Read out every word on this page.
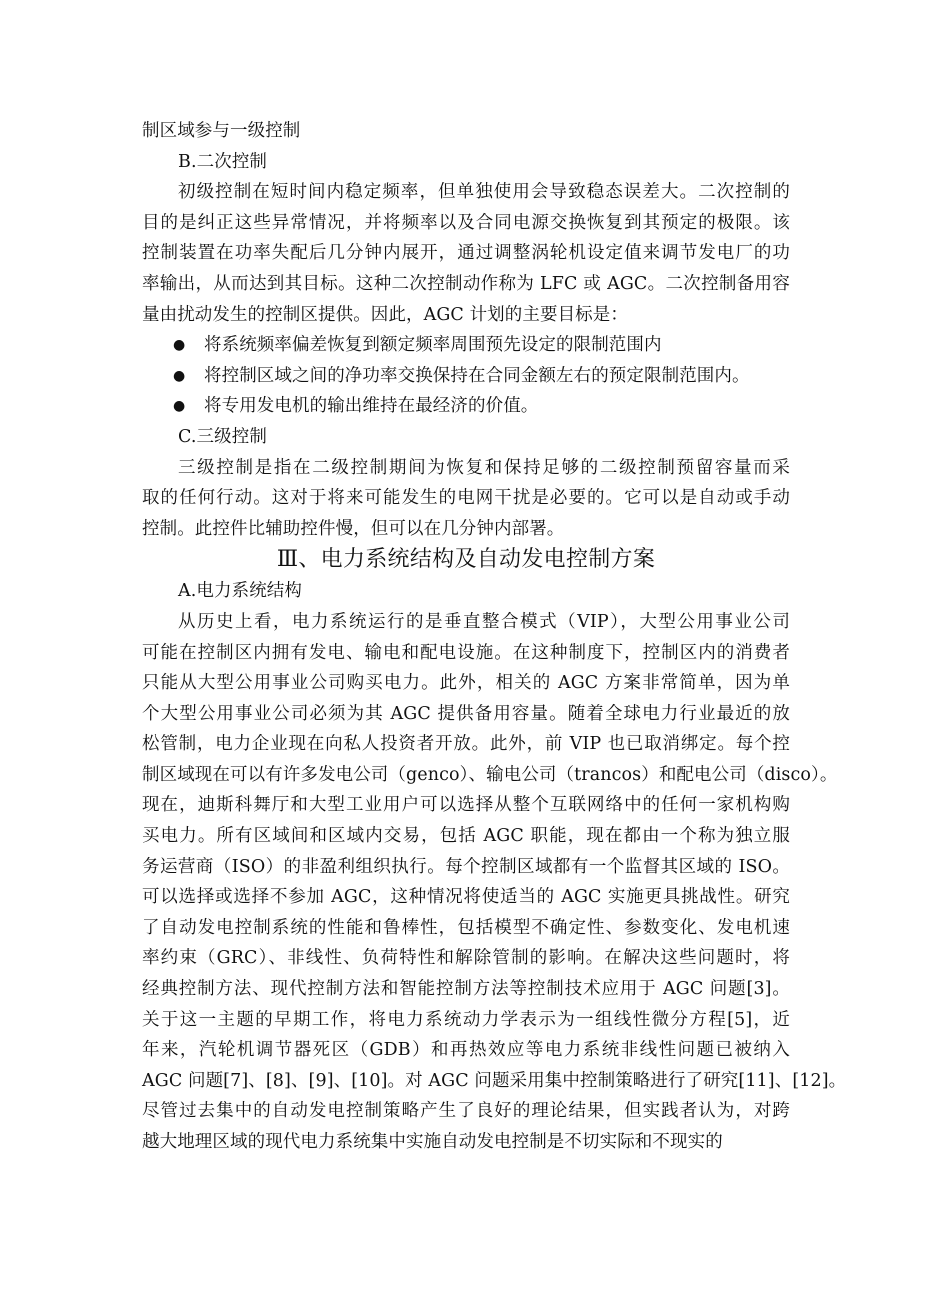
制区域参与一级控制
B.二次控制
初级控制在短时间内稳定频率，但单独使用会导致稳态误差大。二次控制的
目的是纠正这些异常情况，并将频率以及合同电源交换恢复到其预定的极限。该
控制装置在功率失配后几分钟内展开，通过调整涡轮机设定值来调节发电厂的功
率输出，从而达到其目标。这种二次控制动作称为 LFC 或 AGC。二次控制备用容
量由扰动发生的控制区提供。因此，AGC 计划的主要目标是：
● 将系统频率偏差恢复到额定频率周围预先设定的限制范围内
● 将控制区域之间的净功率交换保持在合同金额左右的预定限制范围内。
● 将专用发电机的输出维持在最经济的价值。
C.三级控制
三级控制是指在二级控制期间为恢复和保持足够的二级控制预留容量而采
取的任何行动。这对于将来可能发生的电网干扰是必要的。它可以是自动或手动
控制。此控件比辅助控件慢，但可以在几分钟内部署。
Ⅲ、电力系统结构及自动发电控制方案
A.电力系统结构
从历史上看，电力系统运行的是垂直整合模式（VIP），大型公用事业公司
可能在控制区内拥有发电、输电和配电设施。在这种制度下，控制区内的消费者
只能从大型公用事业公司购买电力。此外，相关的 AGC 方案非常简单，因为单
个大型公用事业公司必须为其 AGC 提供备用容量。随着全球电力行业最近的放
松管制，电力企业现在向私人投资者开放。此外，前 VIP 也已取消绑定。每个控
制区域现在可以有许多发电公司（genco）、输电公司（trancos）和配电公司（disco）。
现在，迪斯科舞厅和大型工业用户可以选择从整个互联网络中的任何一家机构购
买电力。所有区域间和区域内交易，包括 AGC 职能，现在都由一个称为独立服
务运营商（ISO）的非盈利组织执行。每个控制区域都有一个监督其区域的 ISO。
可以选择或选择不参加 AGC，这种情况将使适当的 AGC 实施更具挑战性。研究
了自动发电控制系统的性能和鲁棒性，包括模型不确定性、参数变化、发电机速
率约束（GRC）、非线性、负荷特性和解除管制的影响。在解决这些问题时，将
经典控制方法、现代控制方法和智能控制方法等控制技术应用于 AGC 问题[3]。
关于这一主题的早期工作，将电力系统动力学表示为一组线性微分方程[5]，近
年来，汽轮机调节器死区（GDB）和再热效应等电力系统非线性问题已被纳入
AGC 问题[7]、[8]、[9]、[10]。对 AGC 问题采用集中控制策略进行了研究[11]、[12]。
尽管过去集中的自动发电控制策略产生了良好的理论结果，但实践者认为，对跨
越大地理区域的现代电力系统集中实施自动发电控制是不切实际和不现实的
